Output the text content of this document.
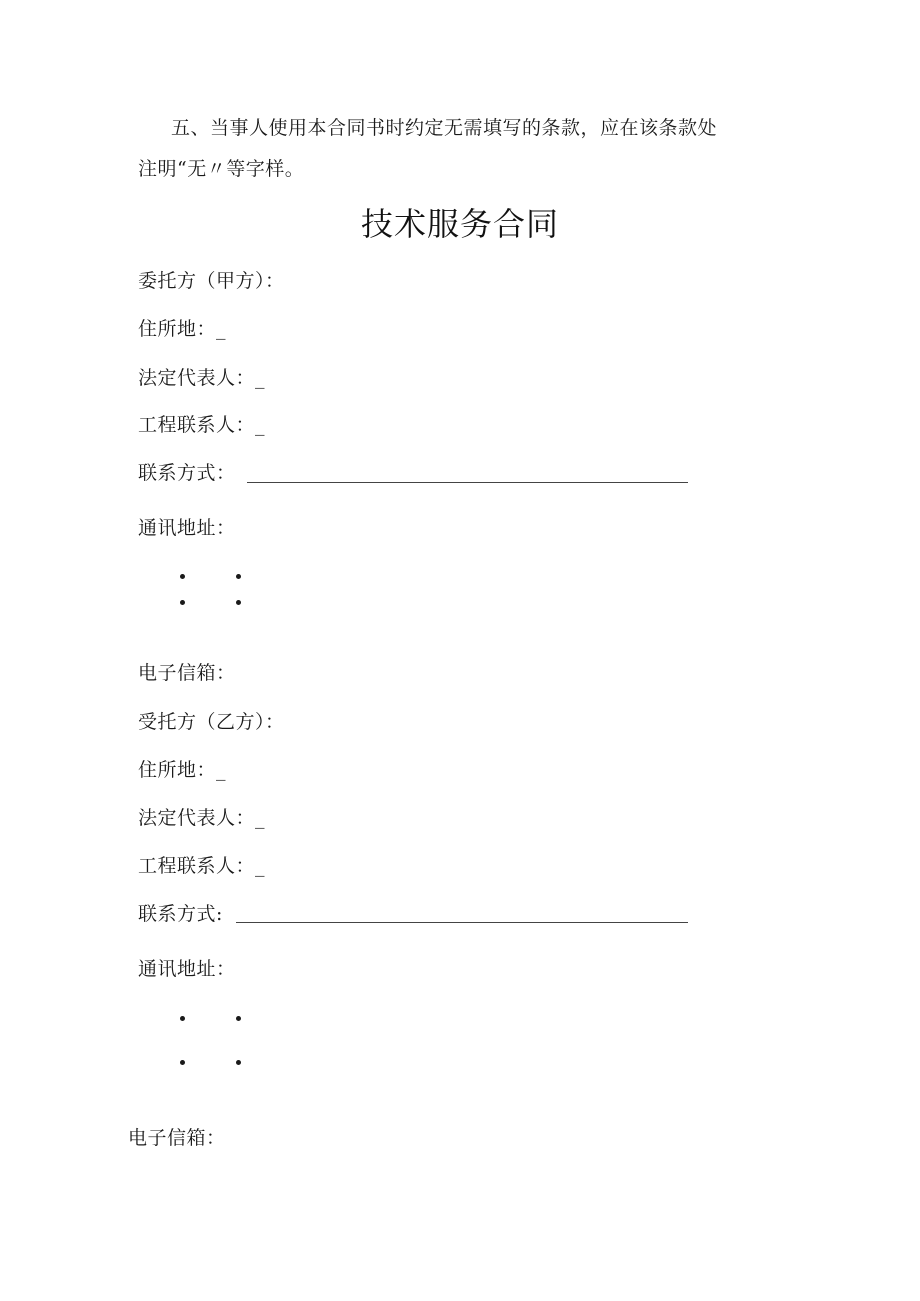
五、当事人使用本合同书时约定无需填写的条款，应在该条款处
注明“无〃等字样。
技术服务合同
委托方（甲方）：
住所地：_
法定代表人：_
工程联系人：_
联系方式：
通讯地址：
电子信箱：
受托方（乙方）：
住所地：_
法定代表人：_
工程联系人：_
联系方式:
通讯地址：
电子信箱：
